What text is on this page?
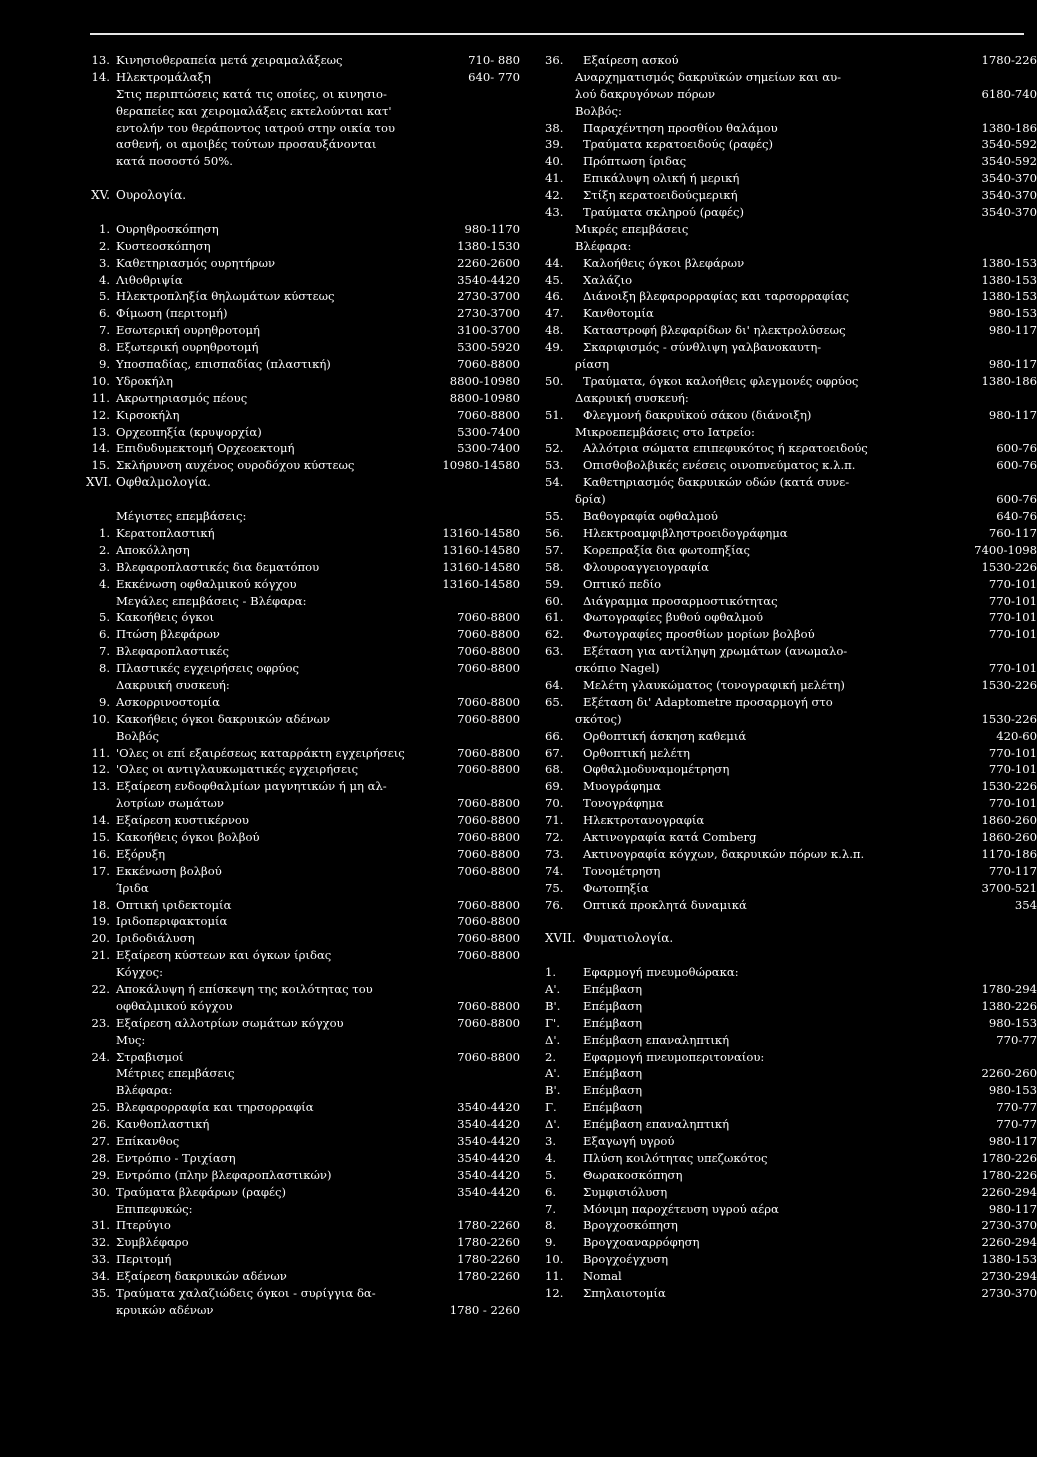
13. Κινησιοθεραπεία μετά χειραμαλάξεως	710- 880
14. Ηλεκτρομάλαξη	640- 770
Στις περιπτώσεις κατά τις οποίες, οι κινησιο-
θεραπείες και χειρομαλάξεις εκτελούνται κατ'
εντολήν του θεράποντος ιατρού στην οικία του
ασθενή, οι αμοιβές τούτων προσαυξάνονται
κατά ποσοστό 50%.
XV. Ουρολογία.
1. Ουρηθροσκόπηση	980-1170
2. Κυστεοσκόπηση	1380-1530
3. Καθετηριασμός ουρητήρων	2260-2600
4. Λιθοθριψία	3540-4420
5. Ηλεκτροπληξία θηλωμάτων κύστεως	2730-3700
6. Φίμωση (περιτομή)	2730-3700
7. Εσωτερική ουρηθροτομή	3100-3700
8. Εξωτερική ουρηθροτομή	5300-5920
9. Υποσπαδίας, επισπαδίας (πλαστική)	7060-8800
10. Υδροκήλη	8800-10980
11. Ακρωτηριασμός πέους	8800-10980
12. Κιρσοκήλη	7060-8800
13. Ορχεοπηξία (κρυψορχία)	5300-7400
14. Επιδυδυμεκτομή Ορχεοεκτομή	5300-7400
15. Σκλήρυνση αυχένος ουροδόχου κύστεως	10980-14580
XVI. Οφθαλμολογία.
Μέγιστες επεμβάσεις:
1. Κερατοπλαστική	13160-14580
2. Αποκόλληση	13160-14580
3. Βλεφαροπλαστικές δια δεματόπου	13160-14580
4. Εκκένωση οφθαλμικού κόγχου	13160-14580
Μεγάλες επεμβάσεις - Βλέφαρα:
5. Κακοήθεις όγκοι	7060-8800
6. Πτώση βλεφάρων	7060-8800
7. Βλεφαροπλαστικές	7060-8800
8. Πλαστικές εγχειρήσεις οφρύος	7060-8800
Δακρυική συσκευή:
9. Ασκορρινοστομία	7060-8800
10. Κακοήθεις όγκοι δακρυικών αδένων	7060-8800
Βολβός
11. 'Ολες οι επί εξαιρέσεως καταρράκτη εγχειρήσεις	7060-8800
12. 'Ολες οι αντιγλαυκωματικές εγχειρήσεις	7060-8800
13. Εξαίρεση ενδοφθαλμίων μαγνητικών ή μη αλ-
λοτρίων σωμάτων	7060-8800
14. Εξαίρεση κυστικέρνου	7060-8800
15. Κακοήθεις όγκοι βολβού	7060-8800
16. Εξόρυξη	7060-8800
17. Εκκένωση βολβού	7060-8800
Ίριδα
18. Οπτική ιριδεκτομία	7060-8800
19. Ιριδοπεριφακτομία	7060-8800
20. Ιριδοδιάλυση	7060-8800
21. Εξαίρεση κύστεων και όγκων ίριδας	7060-8800
Κόγχος:
22. Αποκάλυψη ή επίσκεψη της κοιλότητας του
οφθαλμικού κόγχου	7060-8800
23. Εξαίρεση αλλοτρίων σωμάτων κόγχου	7060-8800
Μυς:
24. Στραβισμοί	7060-8800
Μέτριες επεμβάσεις
Βλέφαρα:
25. Βλεφαρορραφία και τηρσορραφία	3540-4420
26. Κανθοπλαστική	3540-4420
27. Επίκανθος	3540-4420
28. Εντρόπιο - Τριχίαση	3540-4420
29. Εντρόπιο (πλην βλεφαροπλαστικών)	3540-4420
30. Τραύματα βλεφάρων (ραφές)	3540-4420
Επιπεφυκώς:
31. Πτερύγιο	1780-2260
32. Συμβλέφαρο	1780-2260
33. Περιτομή	1780-2260
34. Εξαίρεση δακρυικών αδένων	1780-2260
35. Τραύματα χαλαζιώδεις όγκοι - συρίγγια δα-
κρυικών αδένων	1780 - 2260
36.	Εξαίρεση ασκού	1780-226
Αναρχηματισμός δακρυϊκών σημείων και αυ-
λού δακρυγόνων πόρων	6180-740
Βολβός:
38.	Παραχέντηση προσθίου θαλάμου	1380-186
39.	Τραύματα κερατοειδούς (ραφές)	3540-592
40.	Πρόπτωση ίριδας	3540-592
41.	Επικάλυψη ολική ή μερική	3540-370
42.	Στίξη κερατοειδούςμερική	3540-370
43.	Τραύματα σκληρού (ραφές)	3540-370
Μικρές επεμβάσεις
Βλέφαρα:
44.	Καλοήθεις όγκοι βλεφάρων	1380-153
45.	Χαλάζιο	1380-153
46.	Διάνοιξη βλεφαρορραφίας και ταρσορραφίας	1380-153
47.	Κανθοτομία	980-153
48.	Καταστροφή βλεφαρίδων δι' ηλεκτρολύσεως	980-117
49.	Σκαριφισμός - σύνθλιψη γαλβανοκαυτη-
ρίαση	980-117
50.	Τραύματα, όγκοι καλοήθεις φλεγμονές οφρύος	1380-186
Δακρυική συσκευή:
51.	Φλεγμονή δακρυϊκού σάκου (διάνοιξη)	980-117
Μικροεπεμβάσεις στο Ιατρείο:
52.	Αλλότρια σώματα επιπεφυκότος ή κερατοειδούς	600-76
53.	Οπισθοβολβικές ενέσεις οινοπνεύματος κ.λ.π.	600-76
54.	Καθετηριασμός δακρυικών οδών (κατά συνε-
δρία)	600-76
55.	Βαθογραφία οφθαλμού	640-76
56.	Ηλεκτροαμφιβληστροειδογράφημα	760-117
57.	Κορεπραξία δια φωτοπηξίας	7400-1098
58.	Φλουροαγγειογραφία	1530-226
59.	Οπτικό πεδίο	770-101
60.	Διάγραμμα προσαρμοστικότητας	770-101
61.	Φωτογραφίες βυθού οφθαλμού	770-101
62.	Φωτογραφίες προσθίων μορίων βολβού	770-101
63.	Εξέταση για αντίληψη χρωμάτων (ανωμαλο-
σκόπιο Nagel)	770-101
64.	Μελέτη γλαυκώματος (τονογραφική μελέτη)	1530-226
65.	Εξέταση δι' Adaptometre προσαρμογή στο
σκότος)	1530-226
66.	Ορθοπτική άσκηση καθεμιά	420-60
67.	Ορθοπτική μελέτη	770-101
68.	Οφθαλμοδυναμομέτρηση	770-101
69.	Μυογράφημα	1530-226
70.	Τονογράφημα	770-101
71.	Ηλεκτροτανογραφία	1860-260
72.	Ακτινογραφία κατά Comberg	1860-260
73.	Ακτινογραφία κόγχων, δακρυικών πόρων κ.λ.π.	1170-186
74.	Τονομέτρηση	770-117
75.	Φωτοπηξία	3700-521
76.	Οπτικά προκλητά δυναμικά	354
XVII. Φυματιολογία.
1.	Εφαρμογή πνευμοθώρακα:
Α'.	Επέμβαση	1780-294
Β'.	Επέμβαση	1380-226
Γ'.	Επέμβαση	980-153
Δ'.	Επέμβαση επαναληπτική	770-77
2.	Εφαρμογή πνευμοπεριτοναίου:
Α'.	Επέμβαση	2260-260
Β'.	Επέμβαση	980-153
Γ.	Επέμβαση	770-77
Δ'.	Επέμβαση επαναληπτική	770-77
3.	Εξαγωγή υγρού	980-117
4.	Πλύση κοιλότητας υπεζωκότος	1780-226
5.	Θωρακοσκόπηση	1780-226
6.	Συμφισιόλυση	2260-294
7.	Μόνιμη παροχέτευση υγρού αέρα	980-117
8.	Βρογχοσκόπηση	2730-370
9.	Βρογχοαναρρόφηση	2260-294
10.	Βρογχοέγχυση	1380-153
11.	Nomal	2730-294
12.	Σπηλαιοτομία	2730-370
